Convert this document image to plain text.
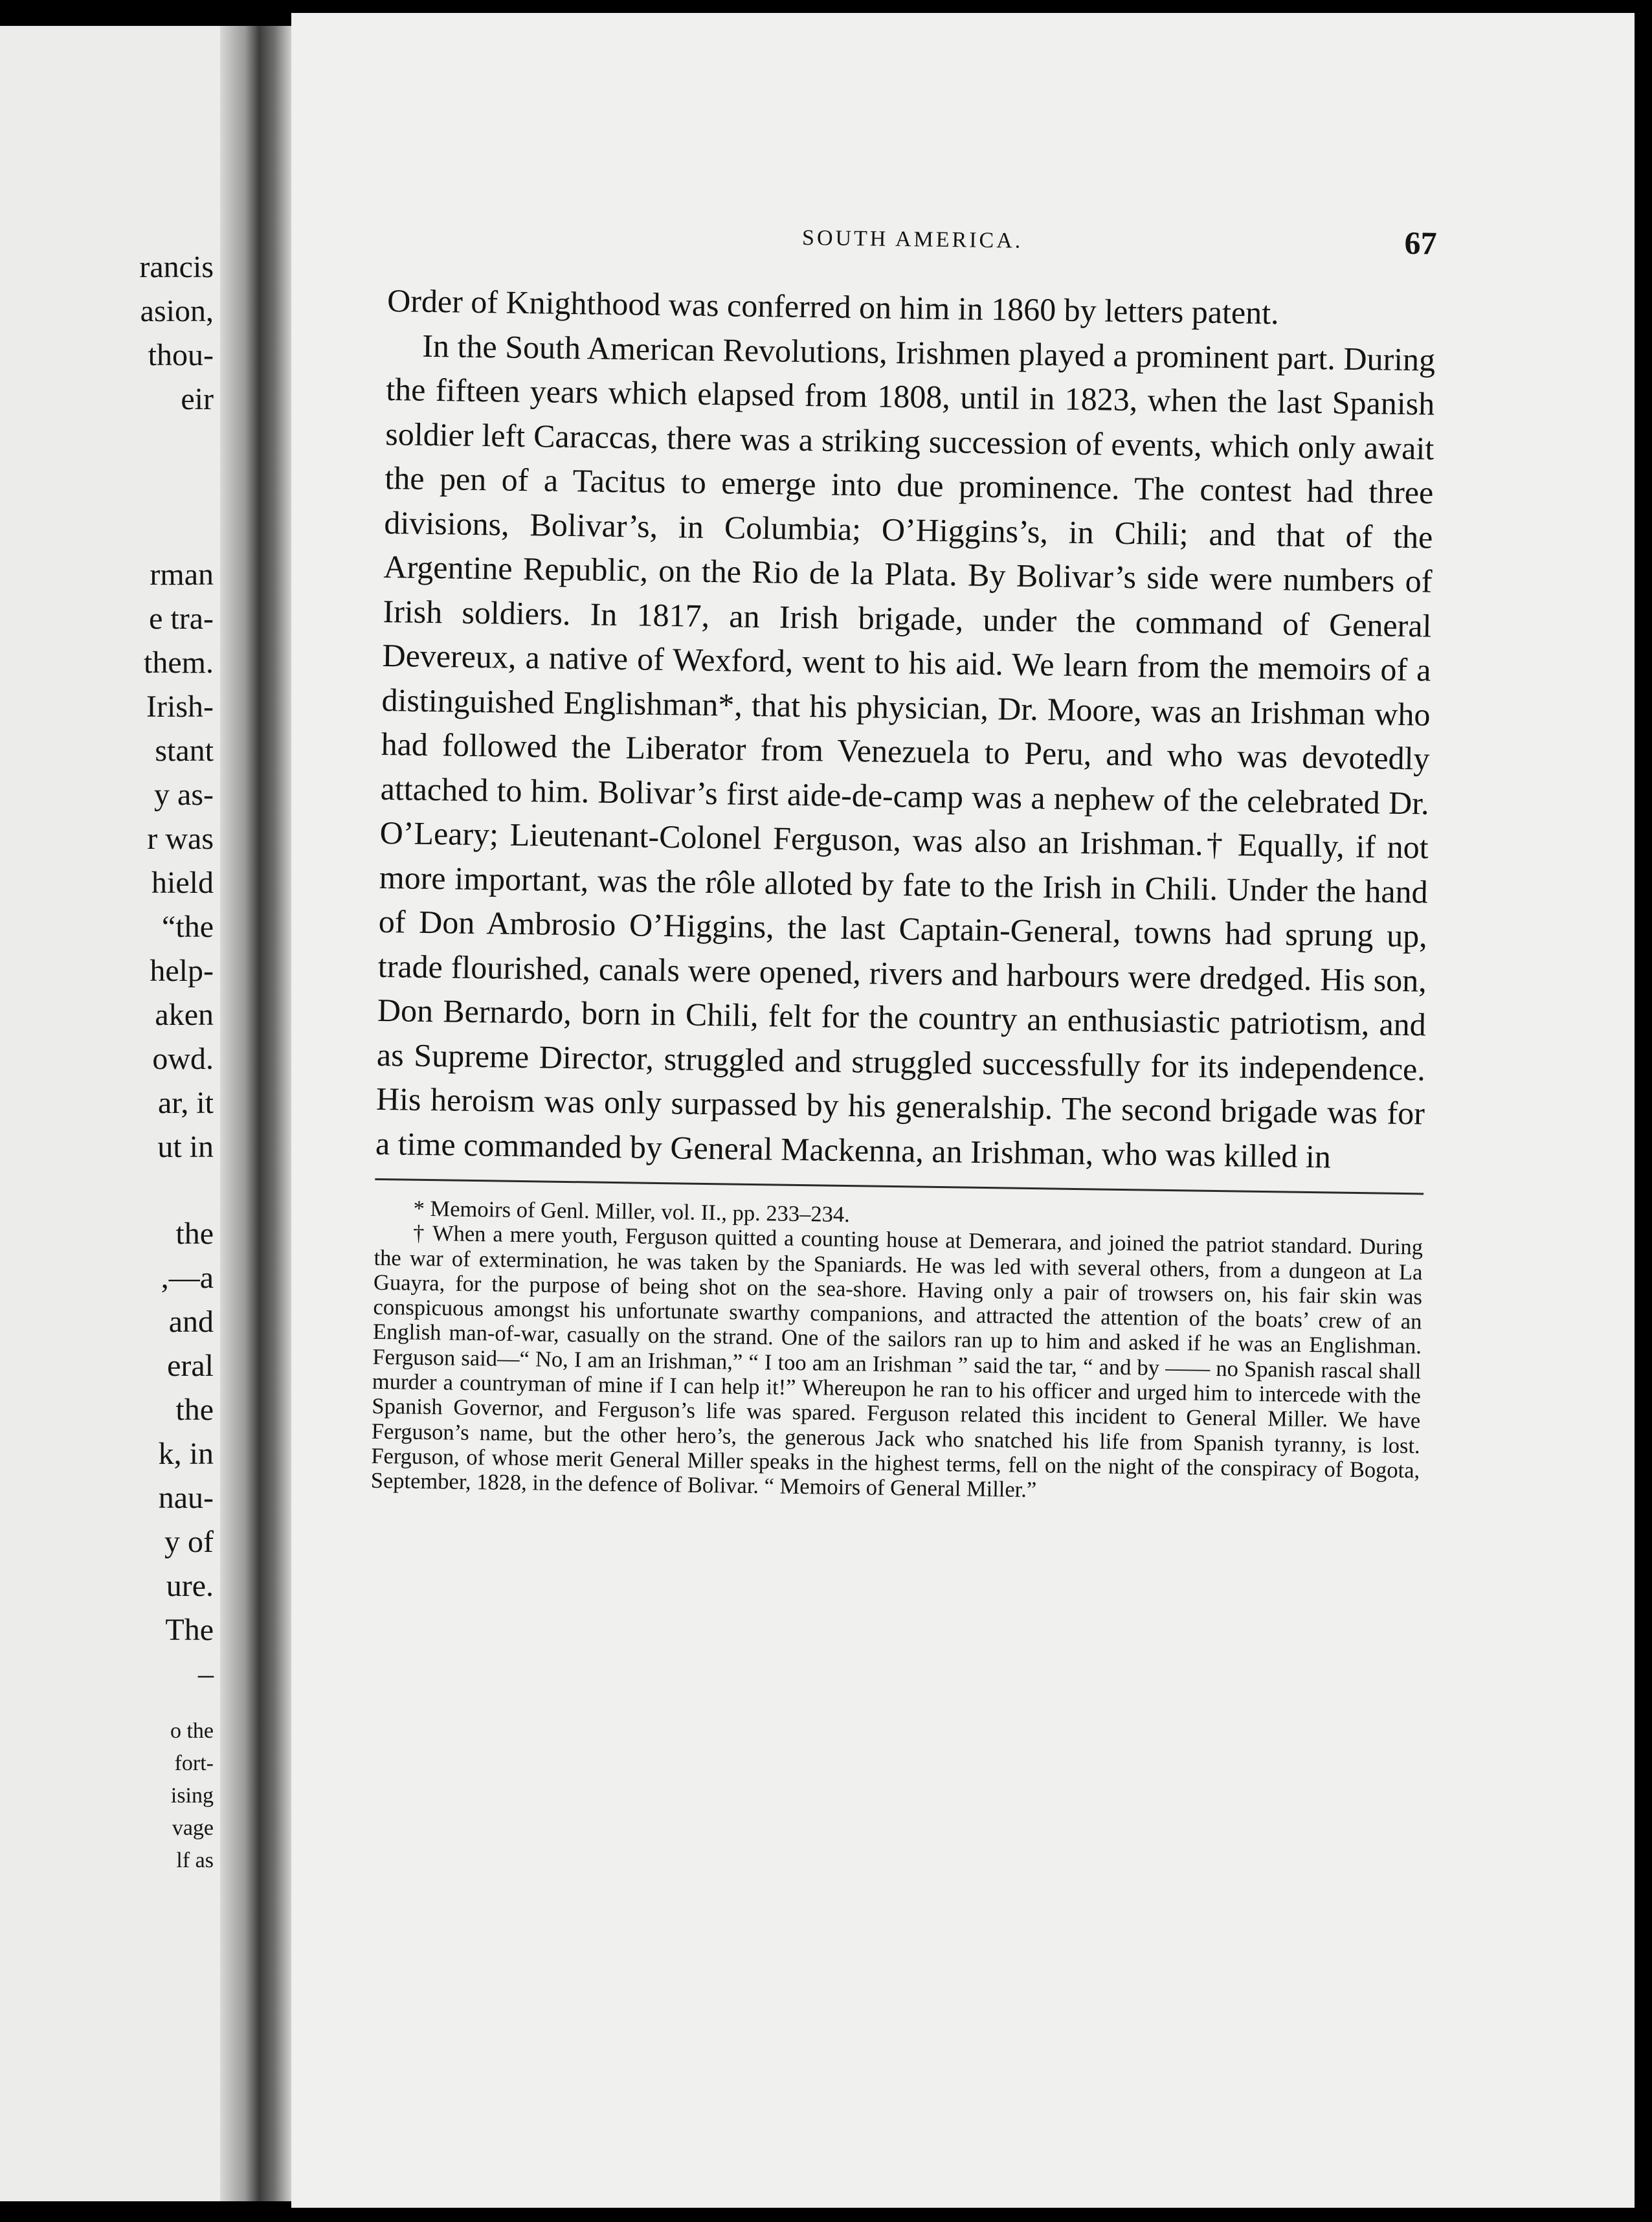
rancis
asion,
thou-
eir
rman
e tra-
them.
Irish-
stant
y as-
r was
hield
“the
help-
aken
owd.
ar, it
ut in
the
,—a
and
eral
the
k, in
nau-
y of
ure.
The
–
o the
fort-
ising
vage
lf as
SOUTH AMERICA.	67

Order of Knighthood was conferred on him in 1860 by letters patent.

In the South American Revolutions, Irishmen played a prominent part. During the fifteen years which elapsed from 1808, until in 1823, when the last Spanish soldier left Caraccas, there was a striking succession of events, which only await the pen of a Tacitus to emerge into due prominence. The contest had three divisions, Bolivar’s, in Columbia; O’Higgins’s, in Chili; and that of the Argentine Republic, on the Rio de la Plata. By Bolivar’s side were numbers of Irish soldiers. In 1817, an Irish brigade, under the command of General Devereux, a native of Wexford, went to his aid. We learn from the memoirs of a distinguished Englishman*, that his physician, Dr. Moore, was an Irishman who had followed the Liberator from Venezuela to Peru, and who was devotedly attached to him. Bolivar’s first aide-de-camp was a nephew of the celebrated Dr. O’Leary; Lieutenant-Colonel Ferguson, was also an Irishman.† Equally, if not more important, was the rôle alloted by fate to the Irish in Chili. Under the hand of Don Ambrosio O’Higgins, the last Captain-General, towns had sprung up, trade flourished, canals were opened, rivers and harbours were dredged. His son, Don Bernardo, born in Chili, felt for the country an enthusiastic patriotism, and as Supreme Director, struggled and struggled successfully for its independence. His heroism was only surpassed by his generalship. The second brigade was for a time commanded by General Mackenna, an Irishman, who was killed in

* Memoirs of Genl. Miller, vol. II., pp. 233–234.

† When a mere youth, Ferguson quitted a counting house at Demerara, and joined the patriot standard. During the war of extermination, he was taken by the Spaniards. He was led with several others, from a dungeon at La Guayra, for the purpose of being shot on the sea-shore. Having only a pair of trowsers on, his fair skin was conspicuous amongst his unfortunate swarthy companions, and attracted the attention of the boats’ crew of an English man-of-war, casually on the strand. One of the sailors ran up to him and asked if he was an Englishman. Ferguson said—“ No, I am an Irishman,” “ I too am an Irishman ” said the tar, “ and by —— no Spanish rascal shall murder a countryman of mine if I can help it!” Whereupon he ran to his officer and urged him to intercede with the Spanish Governor, and Ferguson’s life was spared. Ferguson related this incident to General Miller. We have Ferguson’s name, but the other hero’s, the generous Jack who snatched his life from Spanish tyranny, is lost. Ferguson, of whose merit General Miller speaks in the highest terms, fell on the night of the conspiracy of Bogota, September, 1828, in the defence of Bolivar. “ Memoirs of General Miller.”
